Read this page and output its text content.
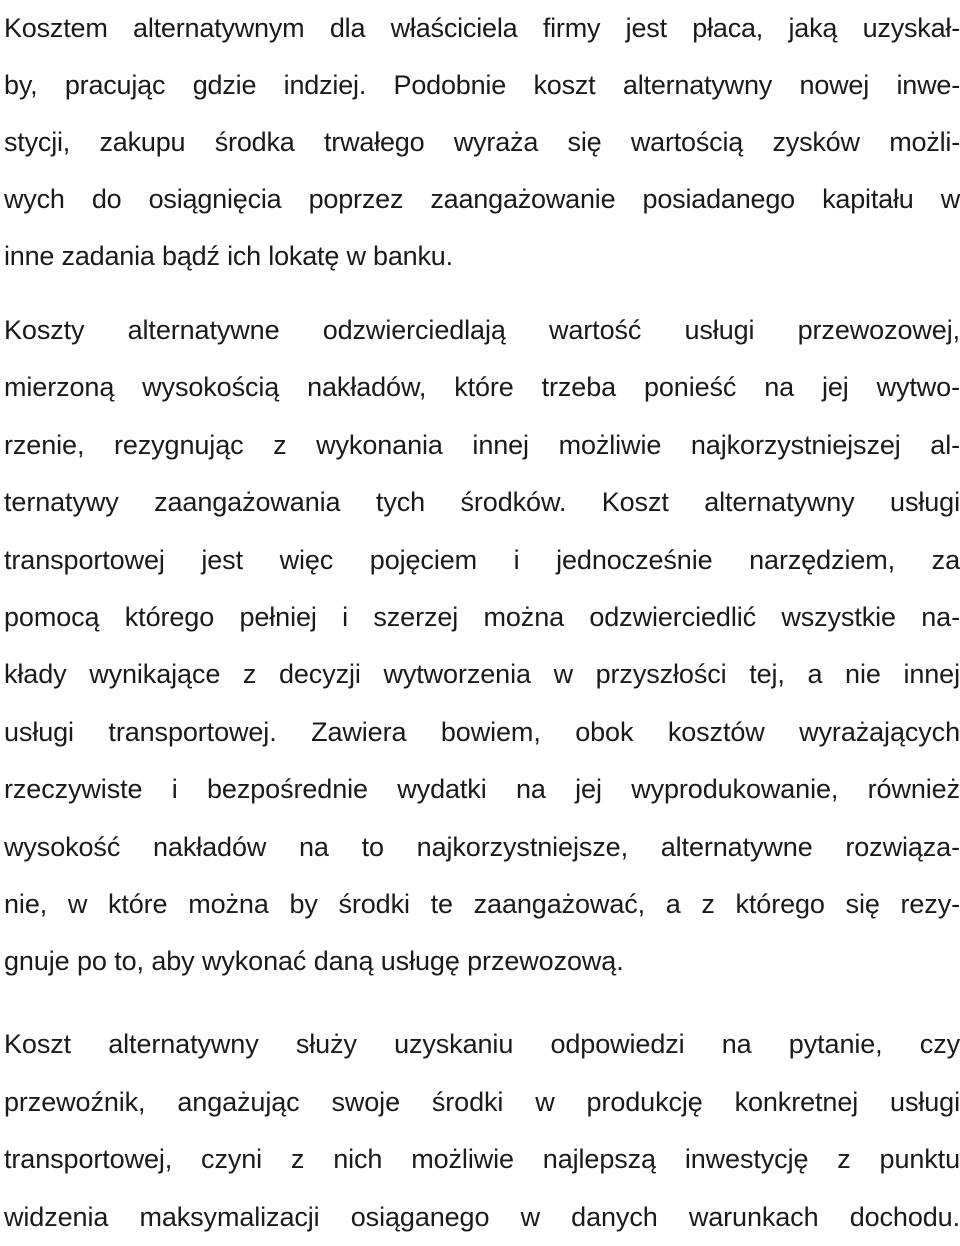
Kosztem alternatywnym dla właściciela firmy jest płaca, jaką uzyskał-
by, pracując gdzie indziej. Podobnie koszt alternatywny nowej inwe-
stycji, zakupu środka trwałego wyraża się wartością zysków możli-
wych do osiągnięcia poprzez zaangażowanie posiadanego kapitału w
inne zadania bądź ich lokatę w banku.
Koszty alternatywne odzwierciedlają wartość usługi przewozowej,
mierzoną wysokością nakładów, które trzeba ponieść na jej wytwo-
rzenie, rezygnując z wykonania innej możliwie najkorzystniejszej al-
ternatywy zaangażowania tych środków. Koszt alternatywny usługi
transportowej jest więc pojęciem i jednocześnie narzędziem, za
pomocą którego pełniej i szerzej można odzwierciedlić wszystkie na-
kłady wynikające z decyzji wytworzenia w przyszłości tej, a nie innej
usługi transportowej. Zawiera bowiem, obok kosztów wyrażających
rzeczywiste i bezpośrednie wydatki na jej wyprodukowanie, również
wysokość nakładów na to najkorzystniejsze, alternatywne rozwiąza-
nie, w które można by środki te zaangażować, a z którego się rezy-
gnuje po to, aby wykonać daną usługę przewozową.
Koszt alternatywny służy uzyskaniu odpowiedzi na pytanie, czy
przewoźnik, angażując swoje środki w produkcję konkretnej usługi
transportowej, czyni z nich możliwie najlepszą inwestycję z punktu
widzenia maksymalizacji osiąganego w danych warunkach dochodu.
